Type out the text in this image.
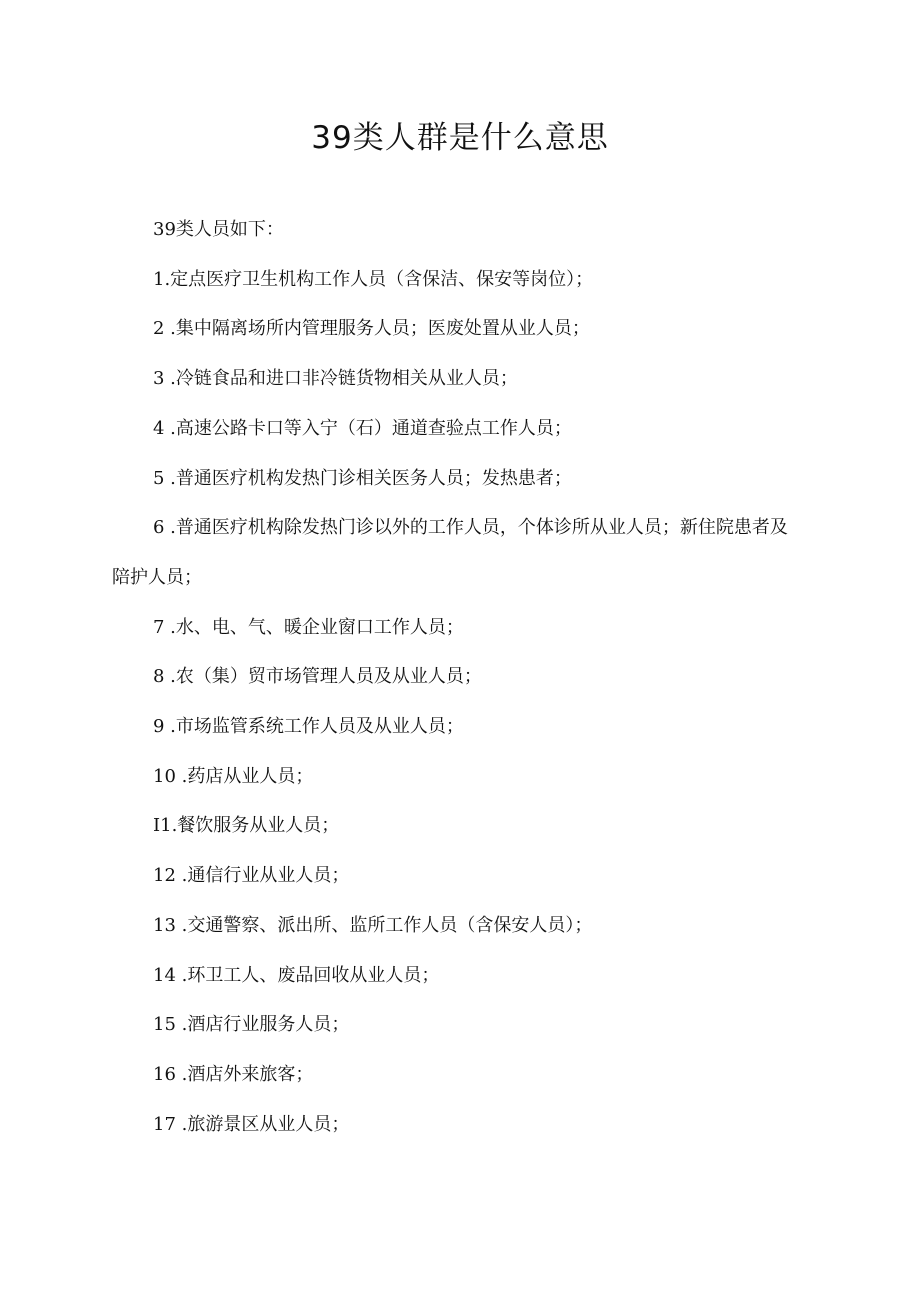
39类人群是什么意思

39类人员如下：

1.定点医疗卫生机构工作人员（含保洁、保安等岗位）；

2 .集中隔离场所内管理服务人员；医废处置从业人员；

3 .冷链食品和进口非冷链货物相关从业人员；

4 .高速公路卡口等入宁（石）通道查验点工作人员；

5 .普通医疗机构发热门诊相关医务人员；发热患者；

6 .普通医疗机构除发热门诊以外的工作人员，个体诊所从业人员；新住院患者及陪护人员；

7 .水、电、气、暖企业窗口工作人员；

8 .农（集）贸市场管理人员及从业人员；

9 .市场监管系统工作人员及从业人员；

10 .药店从业人员；

I1.餐饮服务从业人员；

12 .通信行业从业人员；

13 .交通警察、派出所、监所工作人员（含保安人员）；

14 .环卫工人、废品回收从业人员；

15 .酒店行业服务人员；

16 .酒店外来旅客；

17 .旅游景区从业人员；
